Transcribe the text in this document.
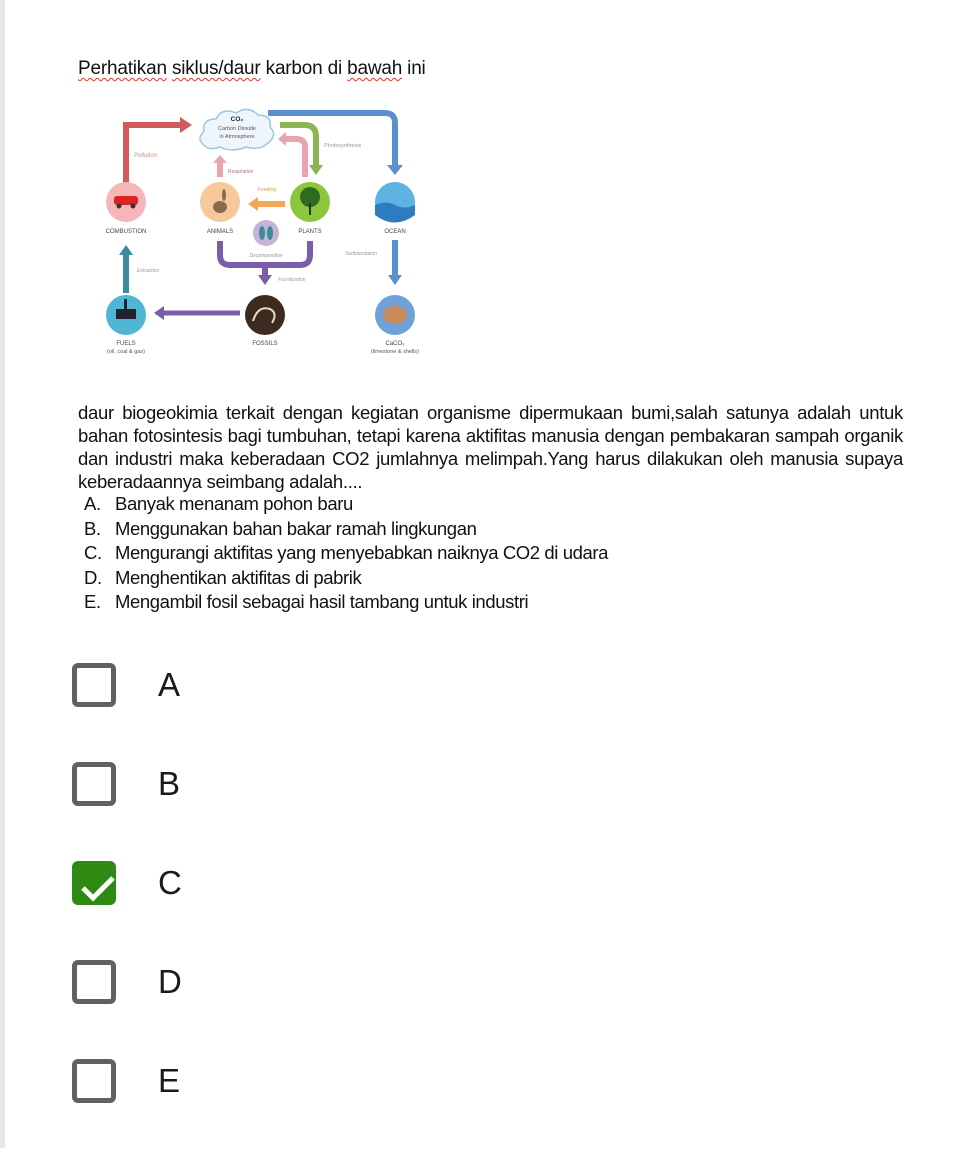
Perhatikan siklus/daur karbon di bawah ini
Pollution
CO₂
Carbon Dioxide
in Atmosphere
Photosynthesis
Respiration
Feeding
COMBUSTION	ANIMALS	PLANTS	OCEAN
Decomposition
Fossilization
Sedimentation
Extraction
FUELS
(oil, coal & gas)
FOSSILS	CaCO₃
(limestone & shells)
daur biogeokimia terkait dengan kegiatan organisme dipermukaan bumi,salah satunya adalah untuk bahan fotosintesis bagi tumbuhan, tetapi karena aktifitas manusia dengan pembakaran sampah organik dan industri maka keberadaan CO2 jumlahnya melimpah.Yang harus dilakukan oleh manusia supaya keberadaannya seimbang adalah....
A. Banyak menanam pohon baru
B. Menggunakan bahan bakar ramah lingkungan
C. Mengurangi aktifitas yang menyebabkan naiknya CO2 di udara
D. Menghentikan aktifitas di pabrik
E. Mengambil fosil sebagai hasil tambang untuk industri
A
B
C
D
E
